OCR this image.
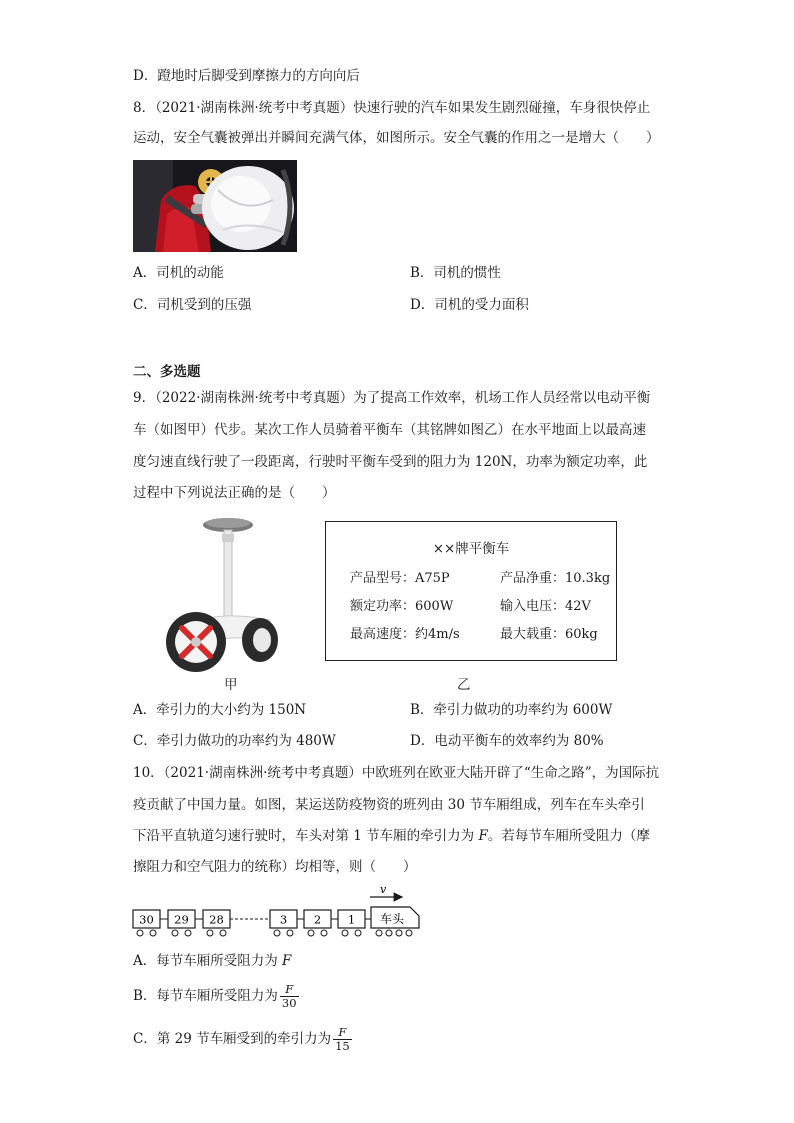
D．蹬地时后脚受到摩擦力的方向向后
8．（2021·湖南株洲·统考中考真题）快速行驶的汽车如果发生剧烈碰撞，车身很快停止
运动，安全气囊被弹出并瞬间充满气体，如图所示。安全气囊的作用之一是增大（　　）
A．司机的动能	B．司机的惯性
C．司机受到的压强	D．司机的受力面积
二、多选题
9．（2022·湖南株洲·统考中考真题）为了提高工作效率，机场工作人员经常以电动平衡
车（如图甲）代步。某次工作人员骑着平衡车（其铭牌如图乙）在水平地面上以最高速
度匀速直线行驶了一段距离，行驶时平衡车受到的阻力为 120N，功率为额定功率，此
过程中下列说法正确的是（　　）
甲
××牌平衡车
产品型号：A75P	产品净重：10.3kg
额定功率：600W	输入电压：42V
最高速度：约4m/s	最大载重：60kg
乙
A．牵引力的大小约为 150N	B．牵引力做功的功率约为 600W
C．牵引力做功的功率约为 480W	D．电动平衡车的效率约为 80%
10．（2021·湖南株洲·统考中考真题）中欧班列在欧亚大陆开辟了“生命之路”，为国际抗
疫贡献了中国力量。如图，某运送防疫物资的班列由 30 节车厢组成，列车在车头牵引
下沿平直轨道匀速行驶时，车头对第 1 节车厢的牵引力为 F。若每节车厢所受阻力（摩
擦阻力和空气阻力的统称）均相等，则（　　）
v
30 29 28	3 2 1 车头
A．每节车厢所受阻力为 F
B．每节车厢所受阻力为 $\frac{F}{30}$
C．第 29 节车厢受到的牵引力为 $\frac{F}{15}$
